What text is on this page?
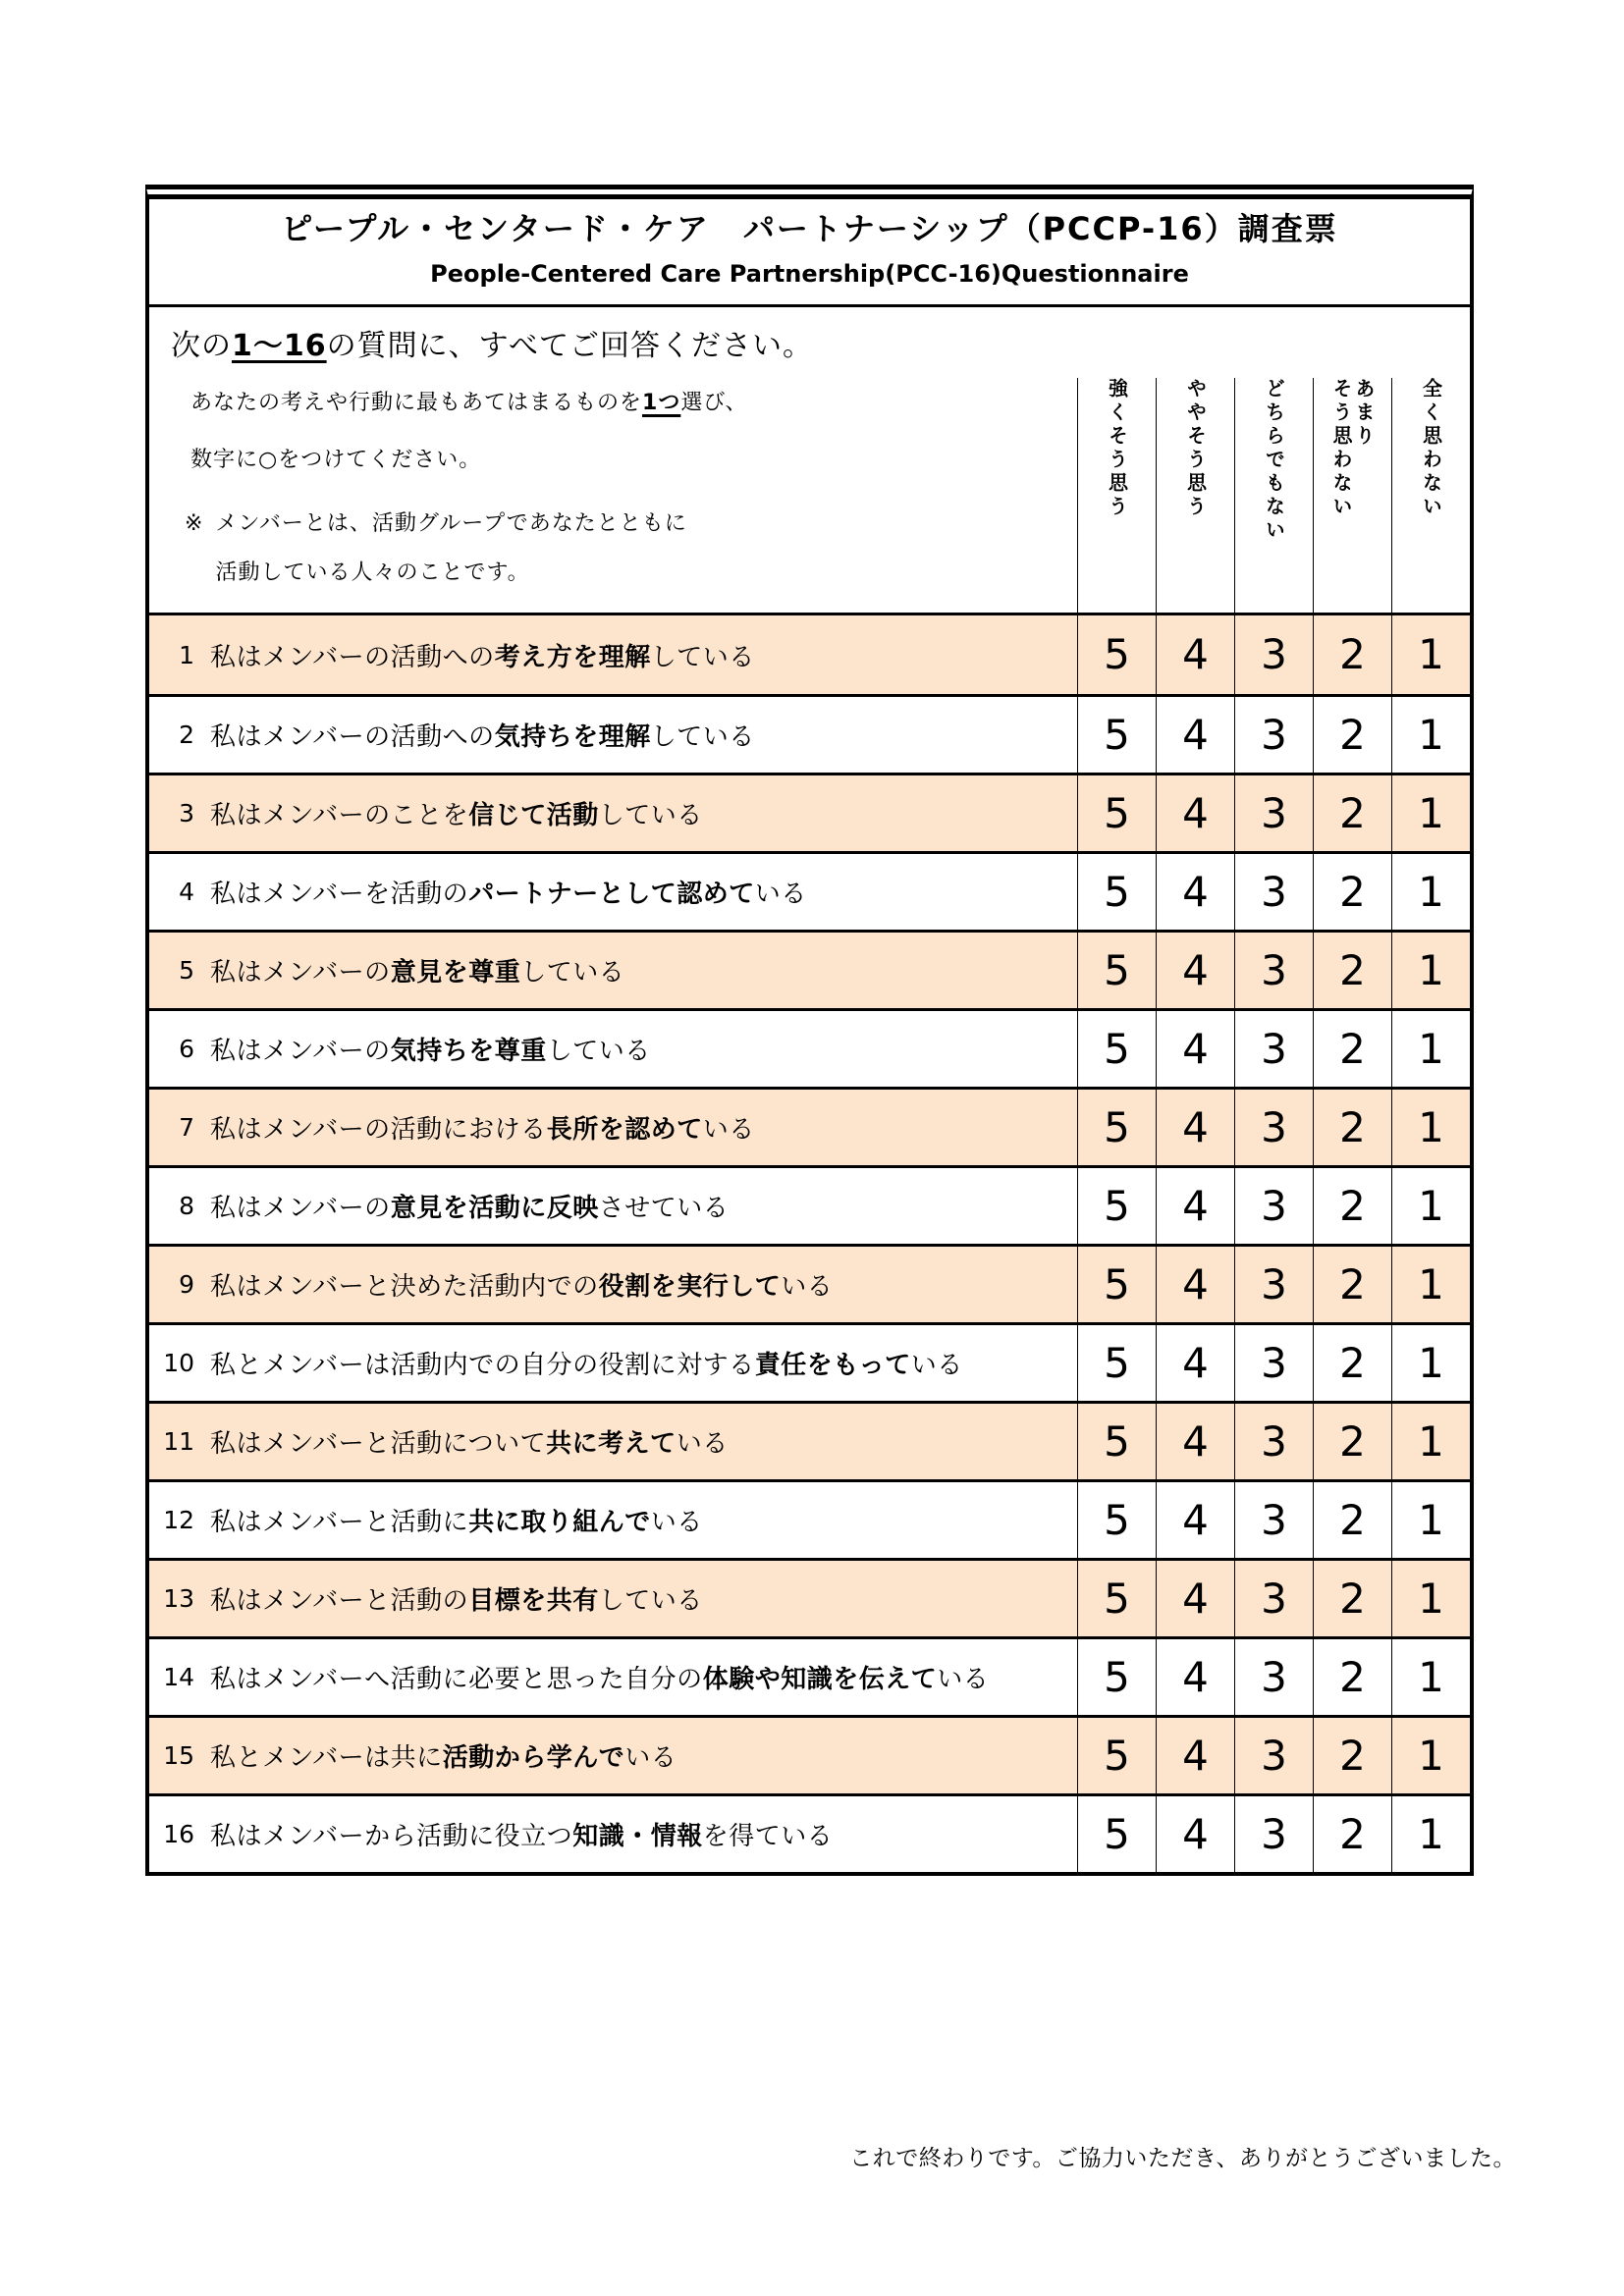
ピープル・センタード・ケア　パートナーシップ（PCCP-16）調査票
People-Centered Care Partnership(PCC-16)Questionnaire
次の1～16の質問に、すべてご回答ください。
あなたの考えや行動に最もあてはまるものを1つ選び、
数字に○をつけてください。
※ メンバーとは、活動グループであなたとともに
活動している人々のことです。
強くそう思う	ややそう思う	どちらでもない	あまり
そう思わない	全く思わない
1 私はメンバーの活動への考え方を理解している	5	4	3	2	1
2 私はメンバーの活動への気持ちを理解している	5	4	3	2	1
3 私はメンバーのことを信じて活動している	5	4	3	2	1
4 私はメンバーを活動のパートナーとして認めている	5	4	3	2	1
5 私はメンバーの意見を尊重している	5	4	3	2	1
6 私はメンバーの気持ちを尊重している	5	4	3	2	1
7 私はメンバーの活動における長所を認めている	5	4	3	2	1
8 私はメンバーの意見を活動に反映させている	5	4	3	2	1
9 私はメンバーと決めた活動内での役割を実行している	5	4	3	2	1
10 私とメンバーは活動内での自分の役割に対する責任をもっている	5	4	3	2	1
11 私はメンバーと活動について共に考えている	5	4	3	2	1
12 私はメンバーと活動に共に取り組んでいる	5	4	3	2	1
13 私はメンバーと活動の目標を共有している	5	4	3	2	1
14 私はメンバーへ活動に必要と思った自分の体験や知識を伝えている	5	4	3	2	1
15 私とメンバーは共に活動から学んでいる	5	4	3	2	1
16 私はメンバーから活動に役立つ知識・情報を得ている	5	4	3	2	1
これで終わりです。ご協力いただき、ありがとうございました。
